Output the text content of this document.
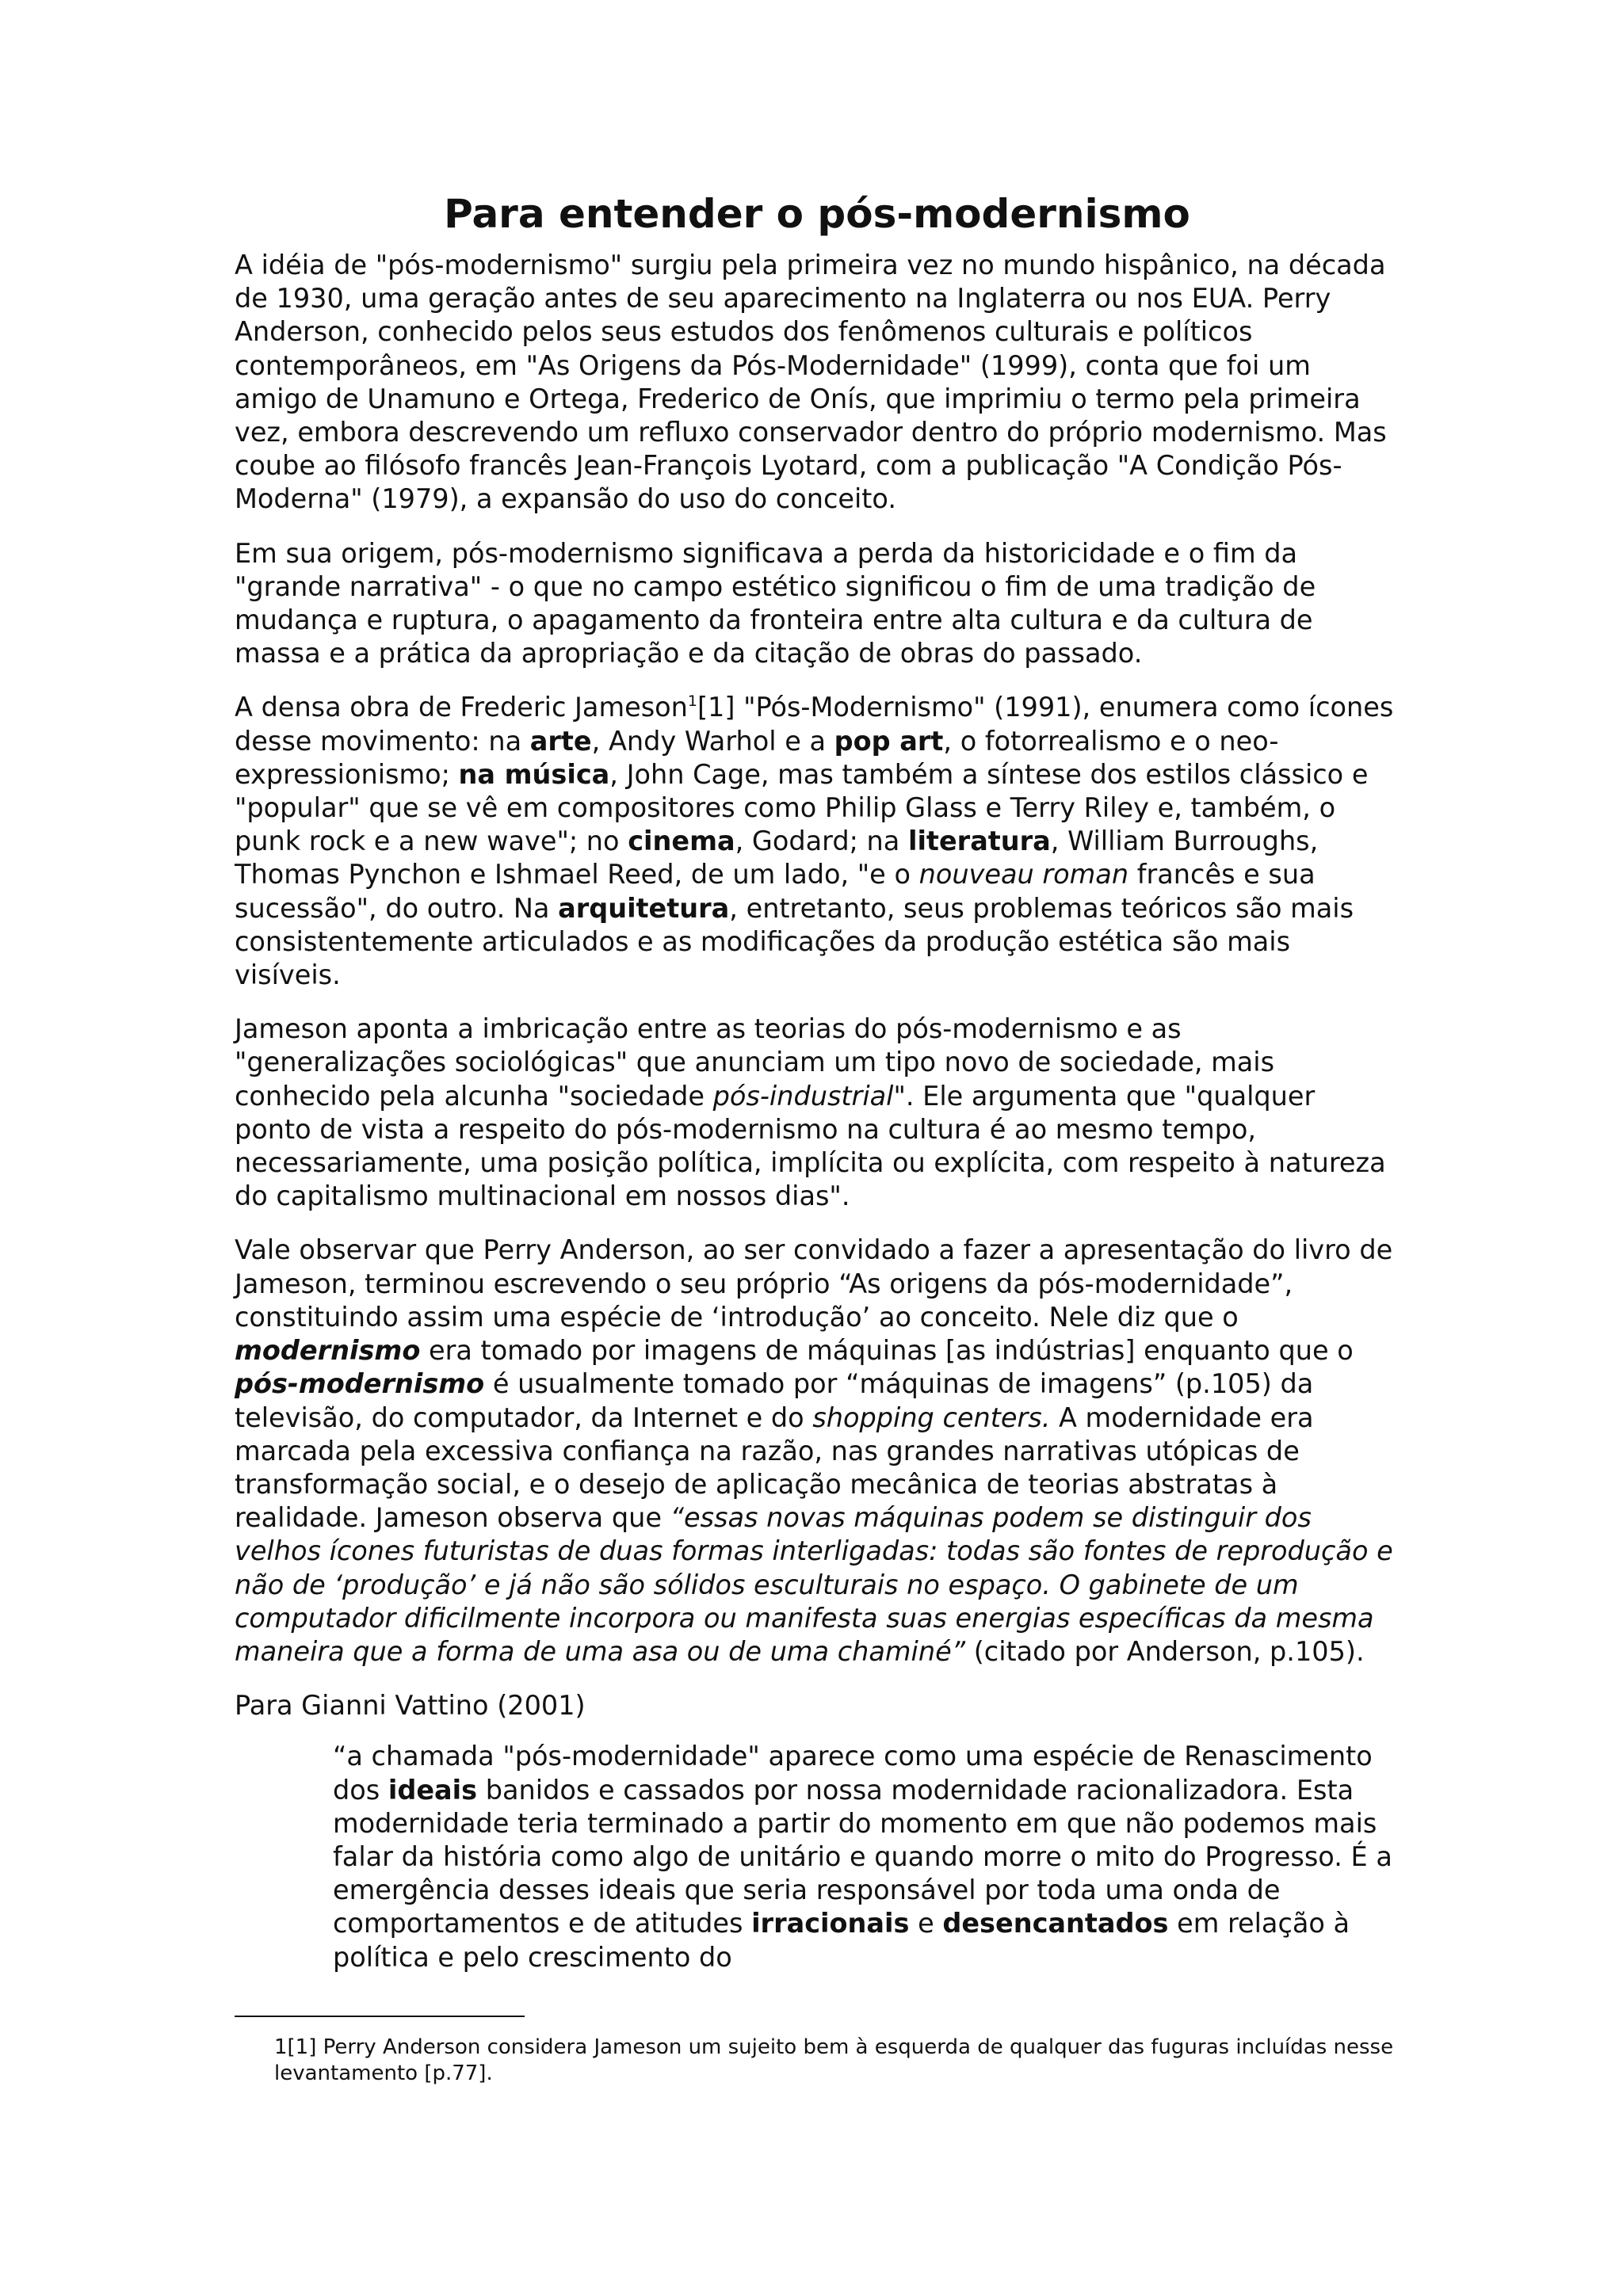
Para entender o pós-modernismo

A idéia de "pós-modernismo" surgiu pela primeira vez no mundo hispânico, na década de 1930, uma geração antes de seu aparecimento na Inglaterra ou nos EUA. Perry Anderson, conhecido pelos seus estudos dos fenômenos culturais e políticos contemporâneos, em "As Origens da Pós-Modernidade" (1999), conta que foi um amigo de Unamuno e Ortega, Frederico de Onís, que imprimiu o termo pela primeira vez, embora descrevendo um refluxo conservador dentro do próprio modernismo. Mas coube ao filósofo francês Jean-François Lyotard, com a publicação "A Condição Pós-Moderna" (1979), a expansão do uso do conceito.

Em sua origem, pós-modernismo significava a perda da historicidade e o fim da "grande narrativa" - o que no campo estético significou o fim de uma tradição de mudança e ruptura, o apagamento da fronteira entre alta cultura e da cultura de massa e a prática da apropriação e da citação de obras do passado.

A densa obra de Frederic Jameson$^1$[1] "Pós-Modernismo" (1991), enumera como ícones desse movimento: na arte, Andy Warhol e a pop art, o fotorrealismo e o neo-expressionismo; na música, John Cage, mas também a síntese dos estilos clássico e "popular" que se vê em compositores como Philip Glass e Terry Riley e, também, o punk rock e a new wave"; no cinema, Godard; na literatura, William Burroughs, Thomas Pynchon e Ishmael Reed, de um lado, "e o nouveau roman francês e sua sucessão", do outro. Na arquitetura, entretanto, seus problemas teóricos são mais consistentemente articulados e as modificações da produção estética são mais visíveis.

Jameson aponta a imbricação entre as teorias do pós-modernismo e as "generalizações sociológicas" que anunciam um tipo novo de sociedade, mais conhecido pela alcunha "sociedade pós-industrial". Ele argumenta que "qualquer ponto de vista a respeito do pós-modernismo na cultura é ao mesmo tempo, necessariamente, uma posição política, implícita ou explícita, com respeito à natureza do capitalismo multinacional em nossos dias".

Vale observar que Perry Anderson, ao ser convidado a fazer a apresentação do livro de Jameson, terminou escrevendo o seu próprio “As origens da pós-modernidade”, constituindo assim uma espécie de ‘introdução’ ao conceito. Nele diz que o modernismo era tomado por imagens de máquinas [as indústrias] enquanto que o pós-modernismo é usualmente tomado por “máquinas de imagens” (p.105) da televisão, do computador, da Internet e do shopping centers. A modernidade era marcada pela excessiva confiança na razão, nas grandes narrativas utópicas de transformação social, e o desejo de aplicação mecânica de teorias abstratas à realidade. Jameson observa que “essas novas máquinas podem se distinguir dos velhos ícones futuristas de duas formas interligadas: todas são fontes de reprodução e não de ‘produção’ e já não são sólidos esculturais no espaço. O gabinete de um computador dificilmente incorpora ou manifesta suas energias específicas da mesma maneira que a forma de uma asa ou de uma chaminé” (citado por Anderson, p.105).

Para Gianni Vattino (2001)

“a chamada "pós-modernidade" aparece como uma espécie de Renascimento dos ideais banidos e cassados por nossa modernidade racionalizadora. Esta modernidade teria terminado a partir do momento em que não podemos mais falar da história como algo de unitário e quando morre o mito do Progresso. É a emergência desses ideais que seria responsável por toda uma onda de comportamentos e de atitudes irracionais e desencantados em relação à política e pelo crescimento do

1[1] Perry Anderson considera Jameson um sujeito bem à esquerda de qualquer das fuguras incluídas nesse levantamento [p.77].
